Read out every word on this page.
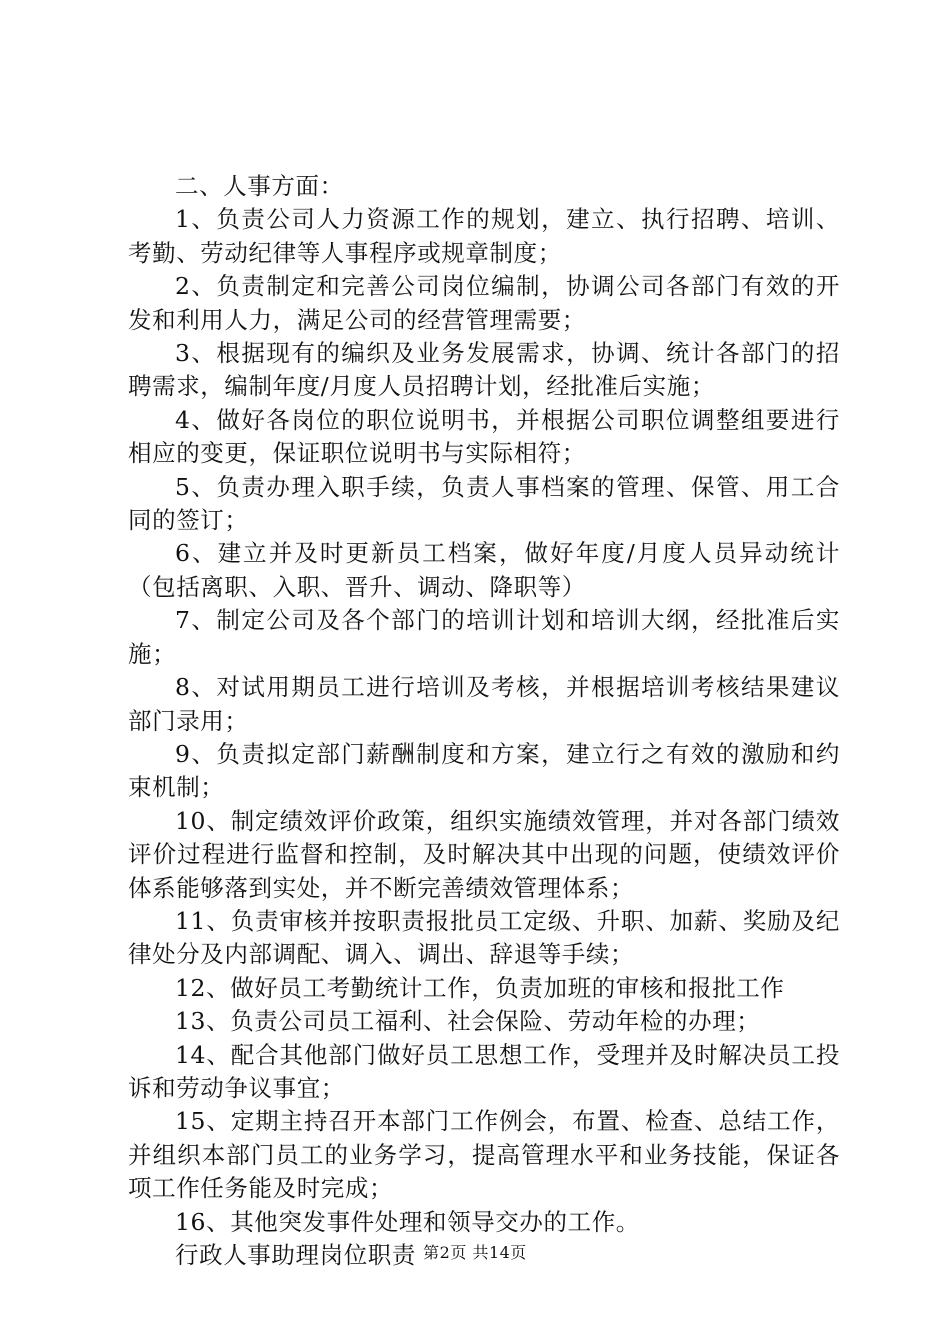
二、人事方面：

1、负责公司人力资源工作的规划，建立、执行招聘、培训、考勤、劳动纪律等人事程序或规章制度；

2、负责制定和完善公司岗位编制，协调公司各部门有效的开发和利用人力，满足公司的经营管理需要；

3、根据现有的编织及业务发展需求，协调、统计各部门的招聘需求，编制年度/月度人员招聘计划，经批准后实施；

4、做好各岗位的职位说明书，并根据公司职位调整组要进行相应的变更，保证职位说明书与实际相符；

5、负责办理入职手续，负责人事档案的管理、保管、用工合同的签订；

6、建立并及时更新员工档案，做好年度/月度人员异动统计（包括离职、入职、晋升、调动、降职等）

7、制定公司及各个部门的培训计划和培训大纲，经批准后实施；

8、对试用期员工进行培训及考核，并根据培训考核结果建议部门录用；

9、负责拟定部门薪酬制度和方案，建立行之有效的激励和约束机制；

10、制定绩效评价政策，组织实施绩效管理，并对各部门绩效评价过程进行监督和控制，及时解决其中出现的问题，使绩效评价体系能够落到实处，并不断完善绩效管理体系；

11、负责审核并按职责报批员工定级、升职、加薪、奖励及纪律处分及内部调配、调入、调出、辞退等手续；

12、做好员工考勤统计工作，负责加班的审核和报批工作

13、负责公司员工福利、社会保险、劳动年检的办理；

14、配合其他部门做好员工思想工作，受理并及时解决员工投诉和劳动争议事宜；

15、定期主持召开本部门工作例会，布置、检查、总结工作，并组织本部门员工的业务学习，提高管理水平和业务技能，保证各项工作任务能及时完成；

16、其他突发事件处理和领导交办的工作。

行政人事助理岗位职责 第2页 共14页
